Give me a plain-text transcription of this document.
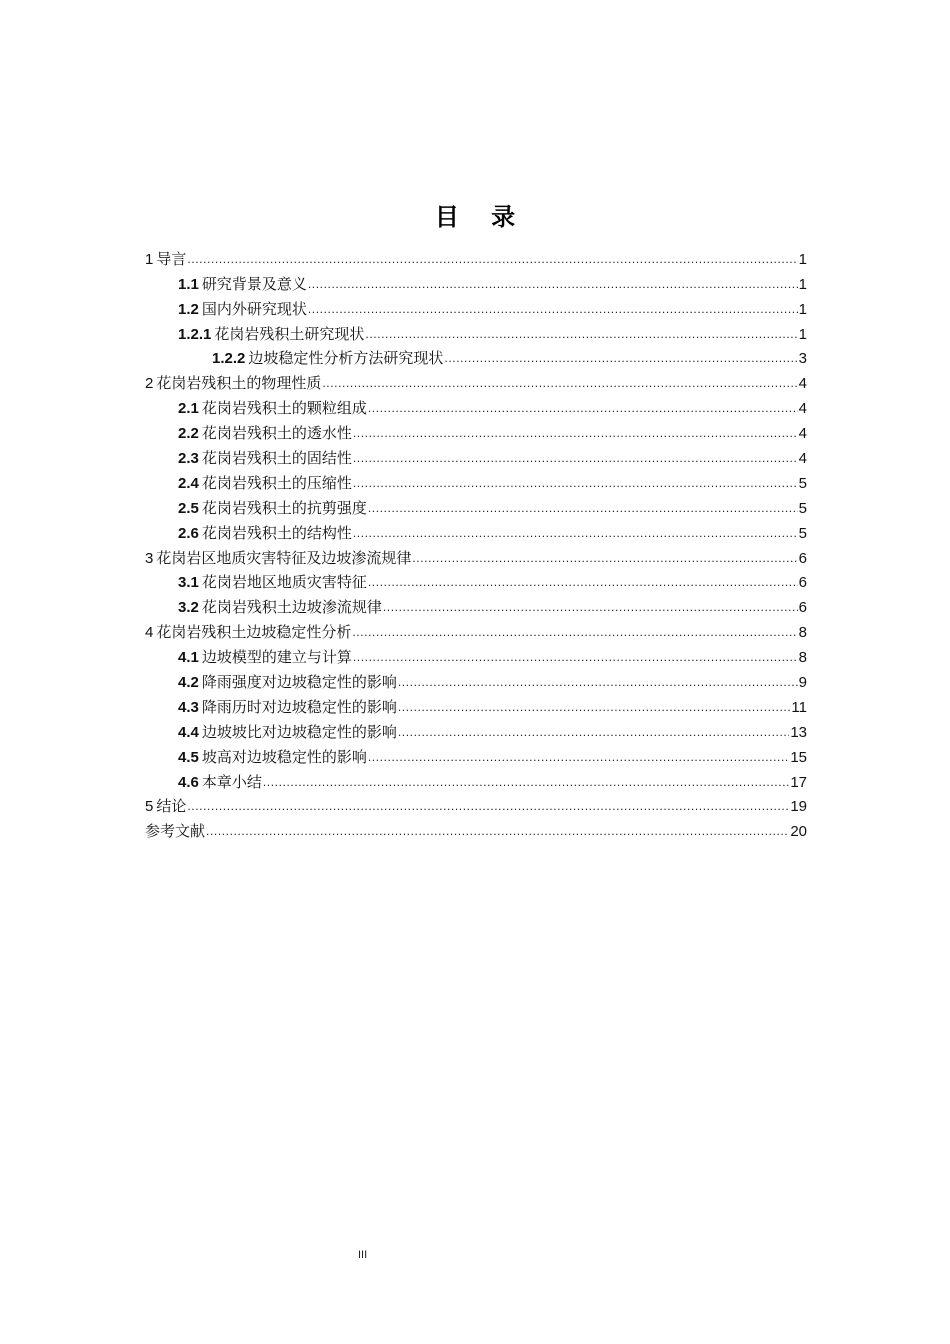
目 录
1 导言 .....	1
1.1 研究背景及意义 .....	1
1.2 国内外研究现状 .....	1
1.2.1 花岗岩残积土研究现状 .....	1
1.2.2 边坡稳定性分析方法研究现状 .....	3
2 花岗岩残积土的物理性质 .....	4
2.1 花岗岩残积土的颗粒组成 .....	4
2.2 花岗岩残积土的透水性 .....	4
2.3 花岗岩残积土的固结性 .....	4
2.4 花岗岩残积土的压缩性 .....	5
2.5 花岗岩残积土的抗剪强度 .....	5
2.6 花岗岩残积土的结构性 .....	5
3 花岗岩区地质灾害特征及边坡渗流规律 .....	6
3.1 花岗岩地区地质灾害特征 .....	6
3.2 花岗岩残积土边坡渗流规律 .....	6
4 花岗岩残积土边坡稳定性分析 .....	8
4.1 边坡模型的建立与计算 .....	8
4.2 降雨强度对边坡稳定性的影响 .....	9
4.3 降雨历时对边坡稳定性的影响 .....	11
4.4 边坡坡比对边坡稳定性的影响 .....	13
4.5 坡高对边坡稳定性的影响 .....	15
4.6 本章小结 .....	17
5 结论 .....	19
参考文献 .....	20
III
